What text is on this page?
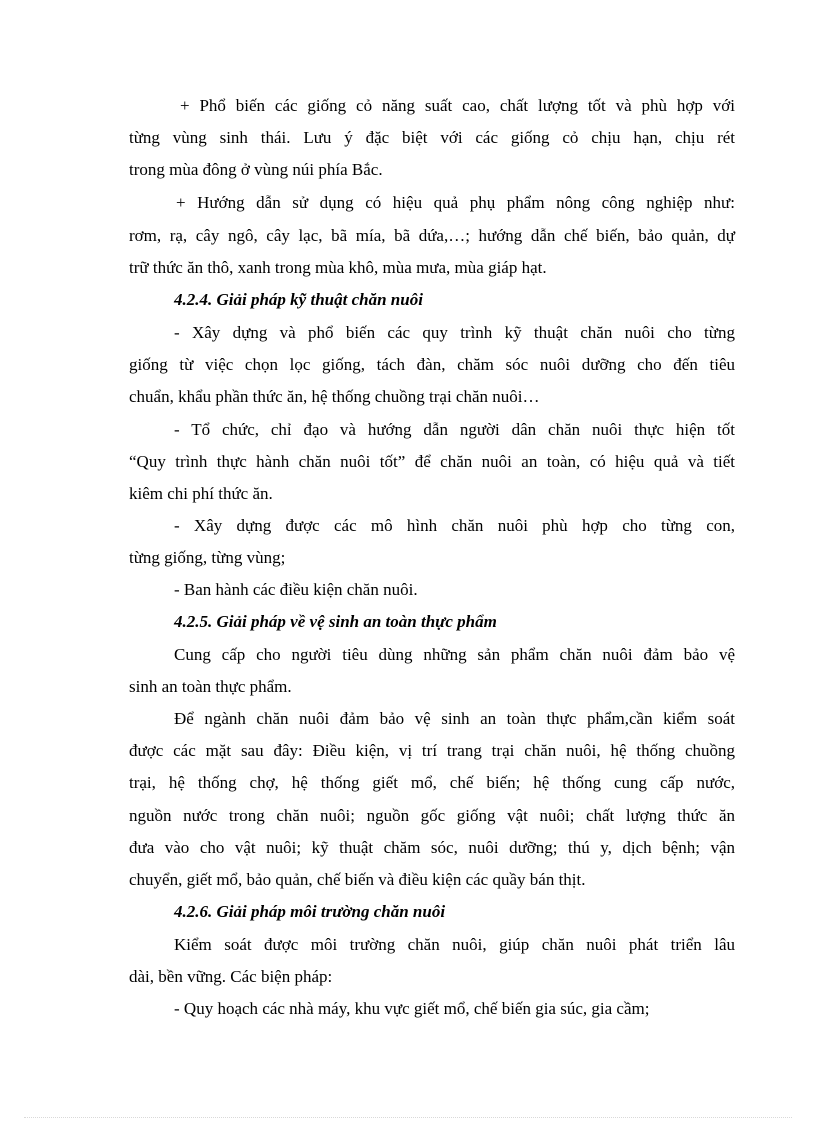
+ Phổ biến các giống cỏ năng suất cao, chất lượng tốt và phù hợp với

từng vùng sinh thái. Lưu ý đặc biệt với các giống cỏ chịu hạn, chịu rét

trong mùa đông ở vùng núi phía Bắc.

+ Hướng dẫn sử dụng có hiệu quả phụ phẩm nông công nghiệp như:

rơm, rạ, cây ngô, cây lạc, bã mía, bã dứa,…; hướng dẫn chế biến, bảo quản, dự

trữ thức ăn thô, xanh trong mùa khô, mùa mưa, mùa giáp hạt.

4.2.4. Giải pháp kỹ thuật chăn nuôi

- Xây dựng và phổ biến các quy trình kỹ thuật chăn nuôi cho từng

giống từ việc chọn lọc giống, tách đàn, chăm sóc nuôi dưỡng cho đến tiêu

chuẩn, khẩu phần thức ăn, hệ thống chuồng trại chăn nuôi…

- Tổ chức, chỉ đạo và hướng dẫn người dân chăn nuôi thực hiện tốt

“Quy trình thực hành chăn nuôi tốt” để chăn nuôi an toàn, có hiệu quả và tiết

kiêm chi phí thức ăn.

- Xây dựng được các mô hình chăn nuôi phù hợp cho từng con,

từng giống, từng vùng;

- Ban hành các điều kiện chăn nuôi.

4.2.5. Giải pháp về vệ sinh an toàn thực phẩm

Cung cấp cho người tiêu dùng những sản phẩm chăn nuôi đảm bảo vệ

sinh an toàn thực phẩm.

Để ngành chăn nuôi đảm bảo vệ sinh an toàn thực phẩm,cần kiểm soát

được các mặt sau đây: Điều kiện, vị trí trang trại chăn nuôi, hệ thống chuồng

trại, hệ thống chợ, hệ thống giết mổ, chế biến; hệ thống cung cấp nước,

nguồn nước trong chăn nuôi; nguồn gốc giống vật nuôi; chất lượng thức ăn

đưa vào cho vật nuôi; kỹ thuật chăm sóc, nuôi dưỡng; thú y, dịch bệnh; vận

chuyển, giết mổ, bảo quản, chế biến và điều kiện các quầy bán thịt.

4.2.6. Giải pháp môi trường chăn nuôi

Kiểm soát được môi trường chăn nuôi, giúp chăn nuôi phát triển lâu

dài, bền vững. Các biện pháp:

- Quy hoạch các nhà máy, khu vực giết mổ, chế biến gia súc, gia cầm;
